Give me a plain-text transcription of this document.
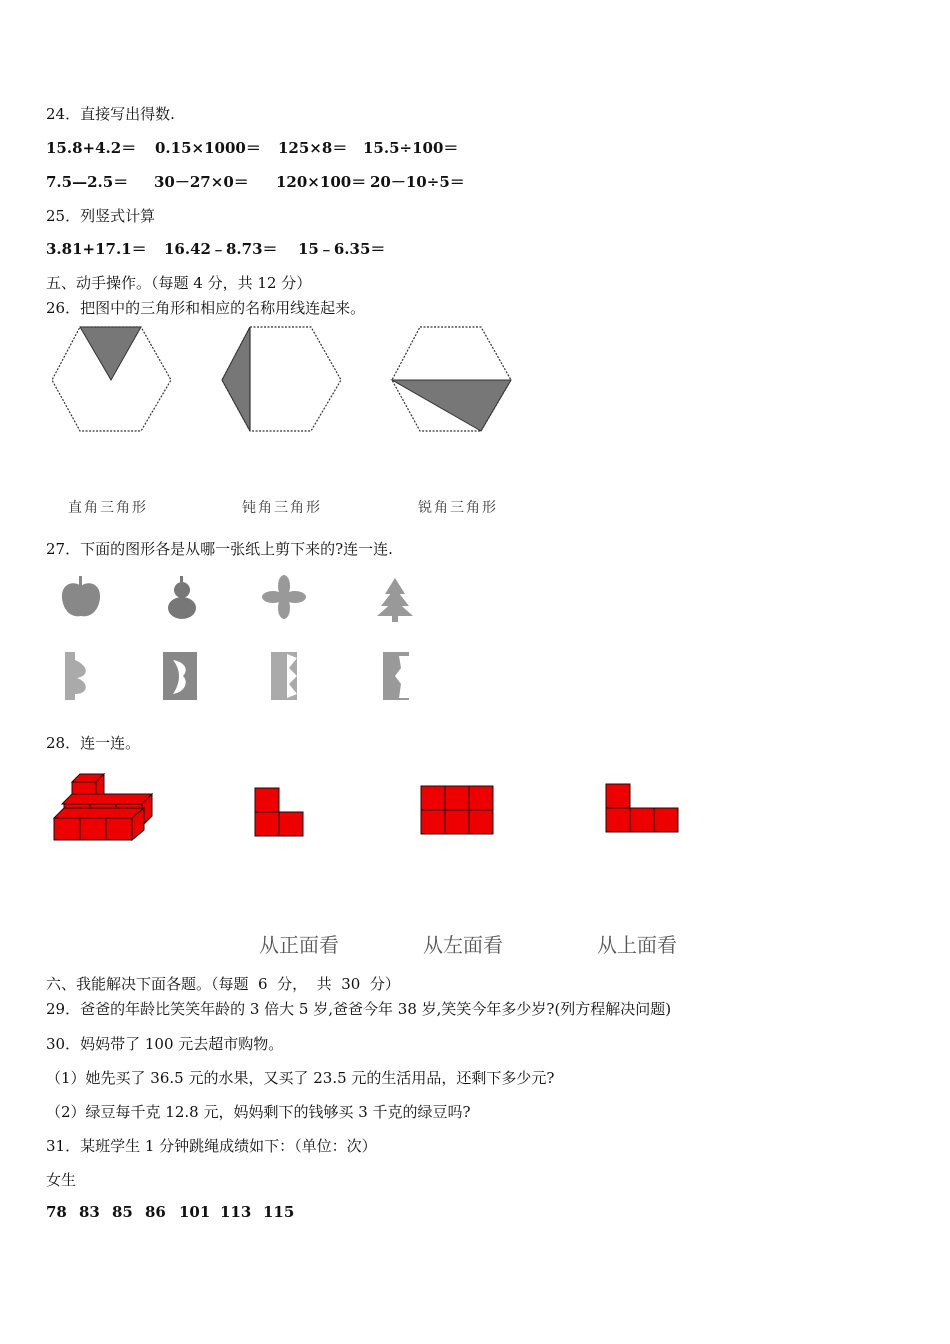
24．直接写出得数.
15.8+4.2＝ 0.15×1000＝ 125×8＝ 15.5÷100＝
7.5—2.5＝ 30－27×0＝ 120×100＝ 20－10÷5＝
25．列竖式计算
3.81+17.1＝ 16.42﹣8.73＝ 15﹣6.35＝
五、动手操作。（每题 4 分，共 12 分）
26．把图中的三角形和相应的名称用线连起来。
直角三角形	钝角三角形	锐角三角形
27．下面的图形各是从哪一张纸上剪下来的?连一连.
28．连一连。
从正面看	从左面看	从上面看
六、我能解决下面各题。（每题  6  分，  共  30  分）
29．爸爸的年龄比笑笑年龄的 3 倍大 5 岁,爸爸今年 38 岁,笑笑今年多少岁?(列方程解决问题)
30．妈妈带了 100 元去超市购物。
（1）她先买了 36.5 元的水果，又买了 23.5 元的生活用品，还剩下多少元?
（2）绿豆每千克 12.8 元，妈妈剩下的钱够买 3 千克的绿豆吗?
31．某班学生 1 分钟跳绳成绩如下：（单位：次）
女生
78 83 85 86 101 113 115
